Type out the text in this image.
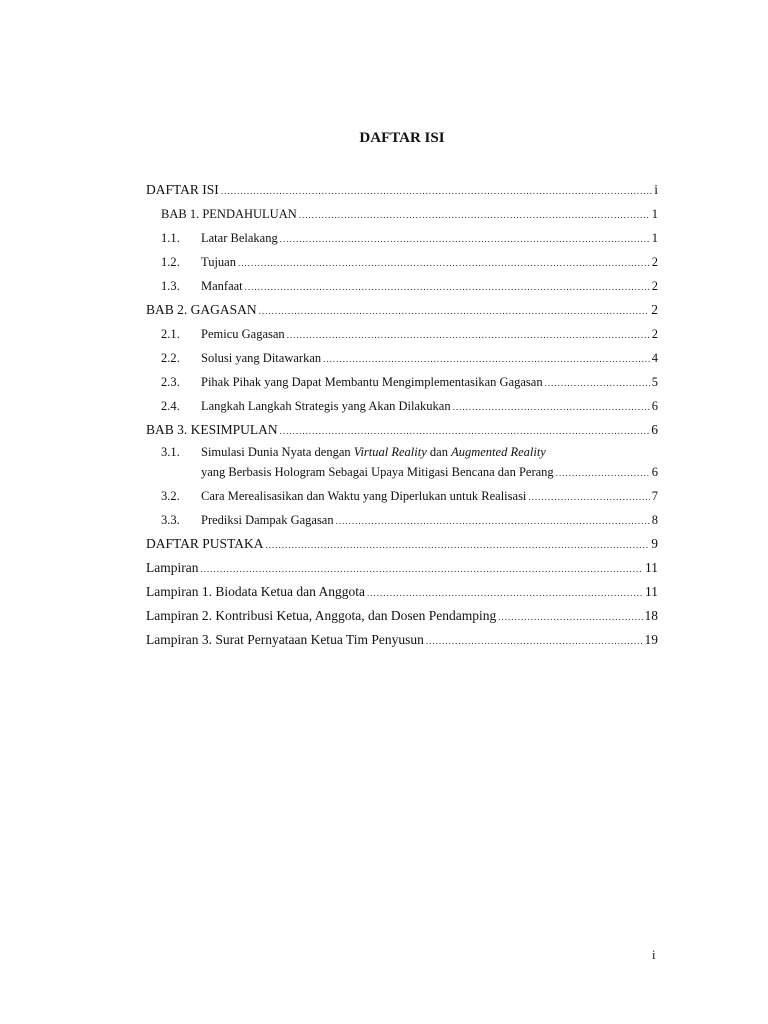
DAFTAR ISI
DAFTAR ISI .....	i
BAB 1. PENDAHULUAN .....	1
1.1. Latar Belakang .....	1
1.2. Tujuan .....	2
1.3. Manfaat .....	2
BAB 2. GAGASAN .....	2
2.1. Pemicu Gagasan .....	2
2.2. Solusi yang Ditawarkan .....	4
2.3. Pihak Pihak yang Dapat Membantu Mengimplementasikan Gagasan .....	5
2.4. Langkah Langkah Strategis yang Akan Dilakukan .....	6
BAB 3. KESIMPULAN .....	6
3.1. Simulasi Dunia Nyata dengan Virtual Reality dan Augmented Reality
yang Berbasis Hologram Sebagai Upaya Mitigasi Bencana dan Perang .....	6
3.2. Cara Merealisasikan dan Waktu yang Diperlukan untuk Realisasi .....	7
3.3. Prediksi Dampak Gagasan .....	8
DAFTAR PUSTAKA .....	9
Lampiran .....	11
Lampiran 1. Biodata Ketua dan Anggota .....	11
Lampiran 2. Kontribusi Ketua, Anggota, dan Dosen Pendamping .....	18
Lampiran 3. Surat Pernyataan Ketua Tim Penyusun .....	19
i
